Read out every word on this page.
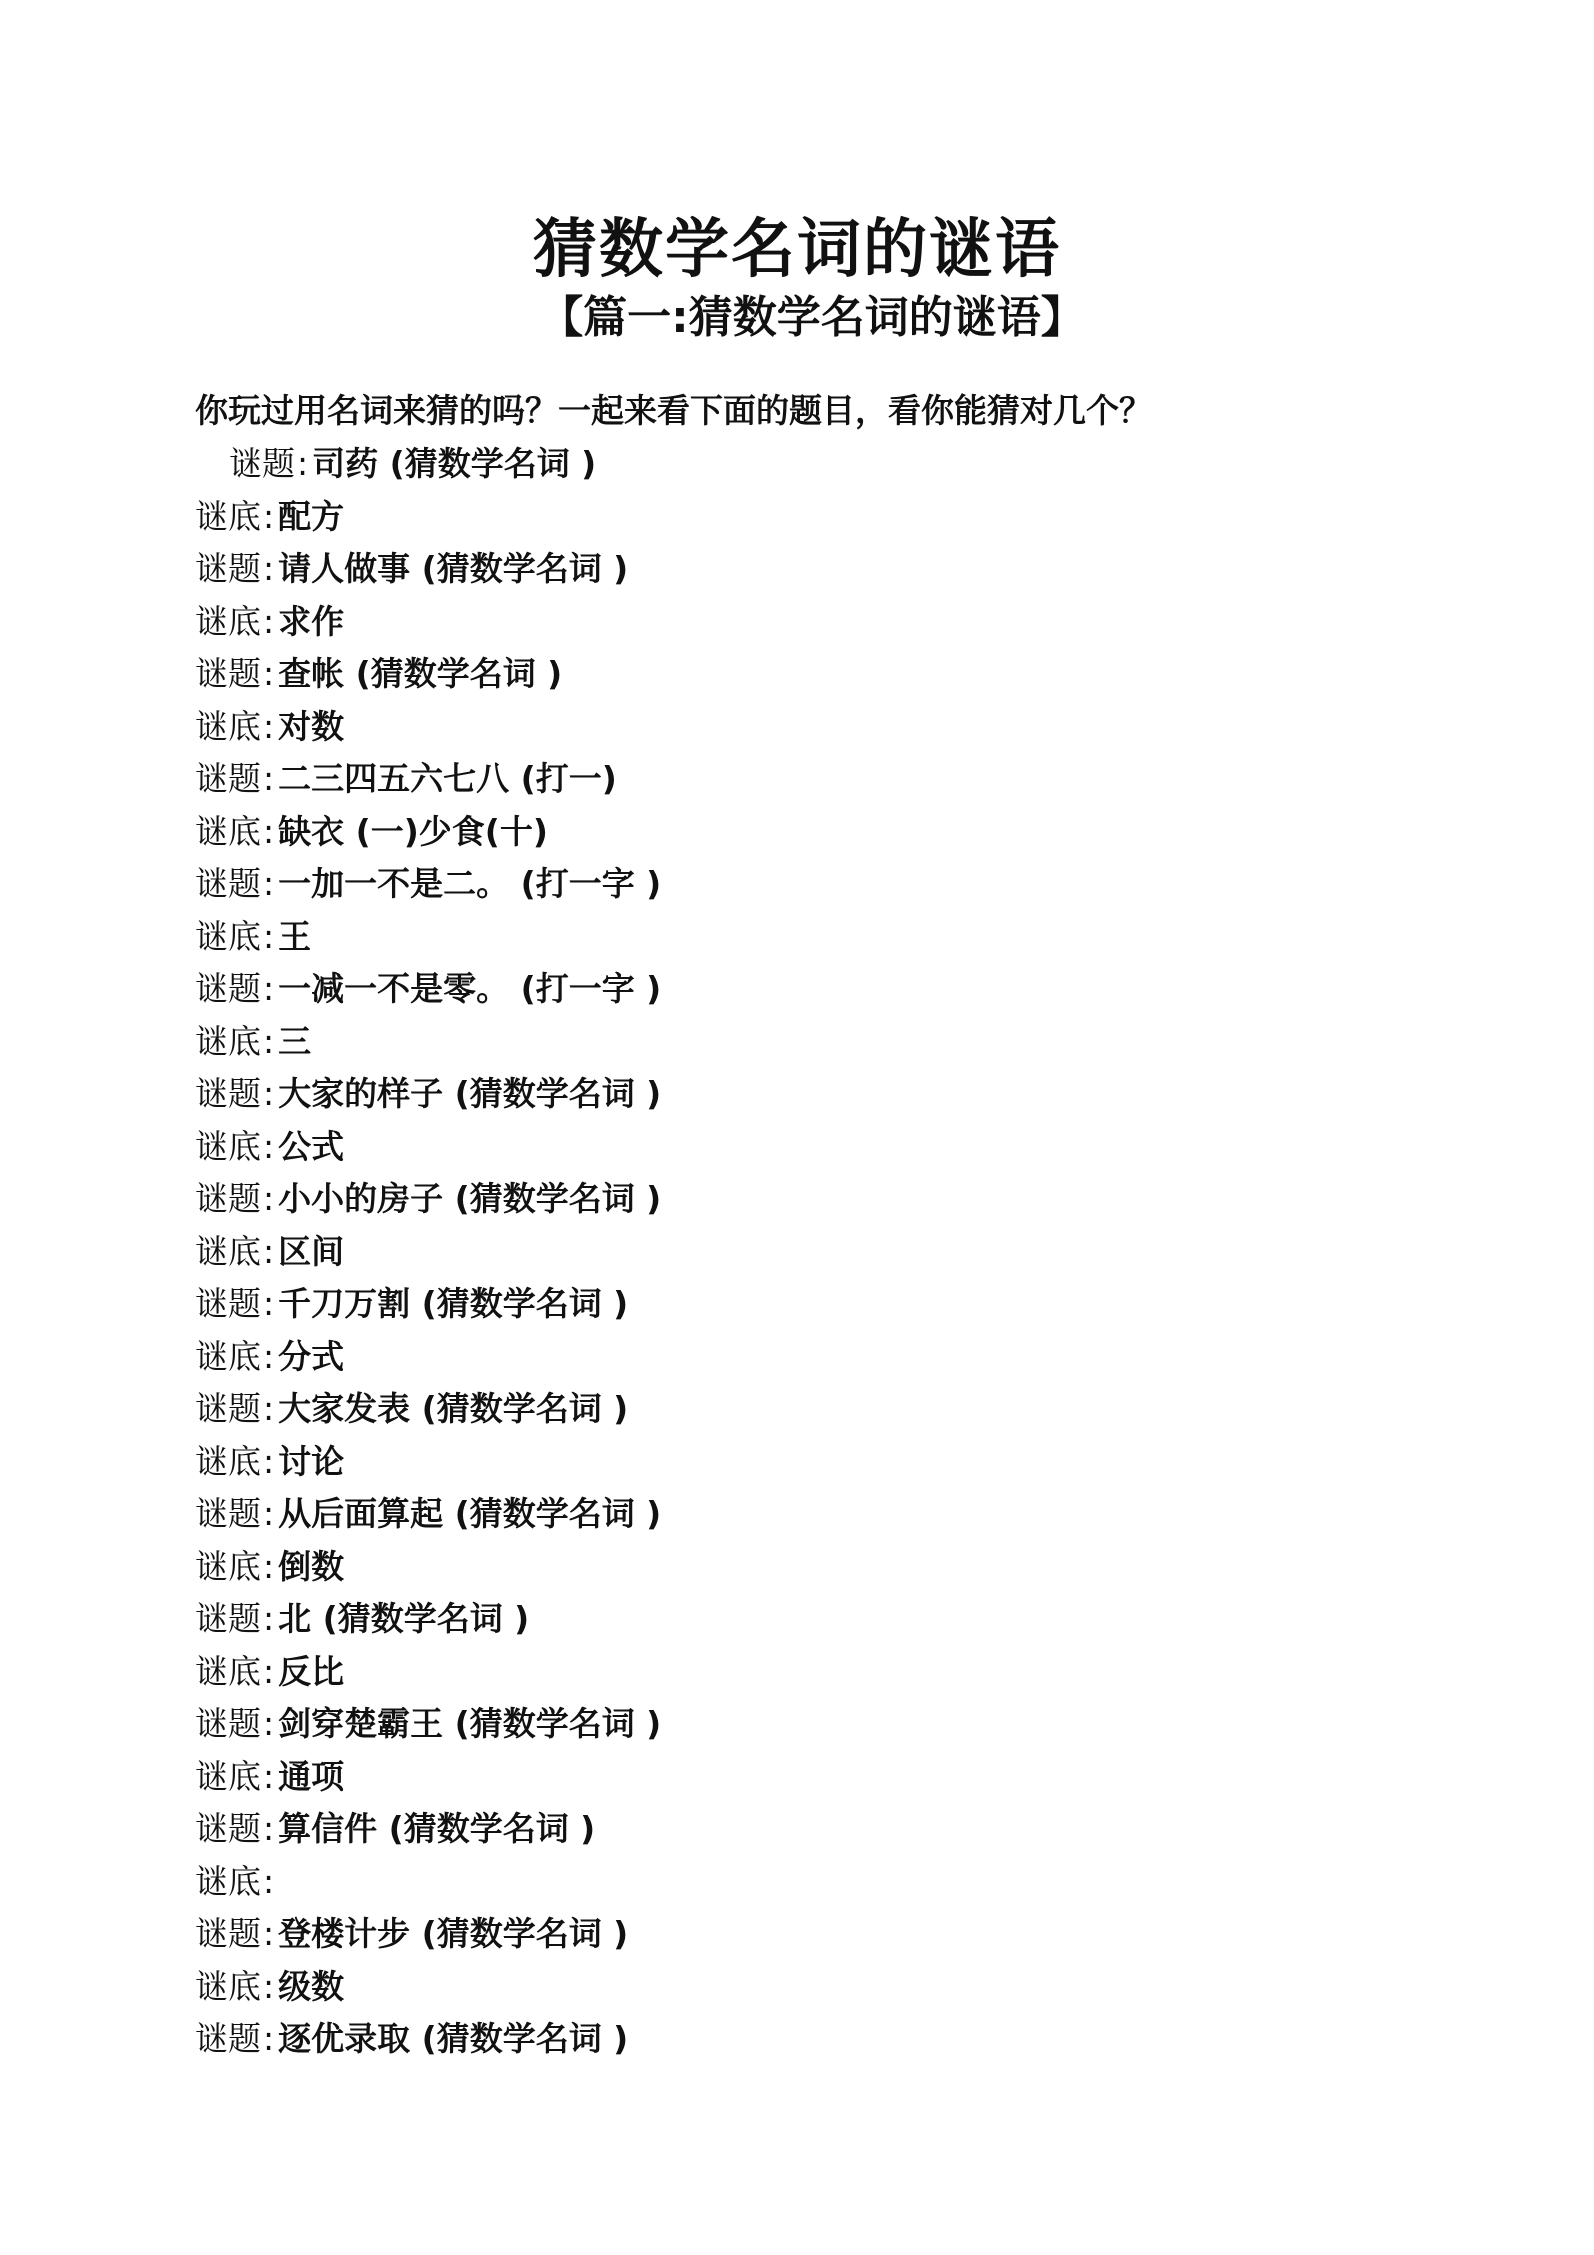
猜数学名词的谜语
【篇一:猜数学名词的谜语】
你玩过用名词来猜的吗？一起来看下面的题目，看你能猜对几个？
谜题: 司药 (猜数学名词 )
谜底: 配方
谜题: 请人做事 (猜数学名词 )
谜底: 求作
谜题: 查帐 (猜数学名词 )
谜底: 对数
谜题: 二三四五六七八 (打一)
谜底: 缺衣 (一)少食(十)
谜题: 一加一不是二。 (打一字 )
谜底: 王
谜题: 一减一不是零。 (打一字 )
谜底: 三
谜题: 大家的样子 (猜数学名词 )
谜底: 公式
谜题: 小小的房子 (猜数学名词 )
谜底: 区间
谜题: 千刀万割 (猜数学名词 )
谜底: 分式
谜题: 大家发表 (猜数学名词 )
谜底: 讨论
谜题: 从后面算起 (猜数学名词 )
谜底: 倒数
谜题: 北 (猜数学名词 )
谜底: 反比
谜题: 剑穿楚霸王 (猜数学名词 )
谜底: 通项
谜题: 算信件 (猜数学名词 )
谜底:
谜题: 登楼计步 (猜数学名词 )
谜底: 级数
谜题: 逐优录取 (猜数学名词 )
